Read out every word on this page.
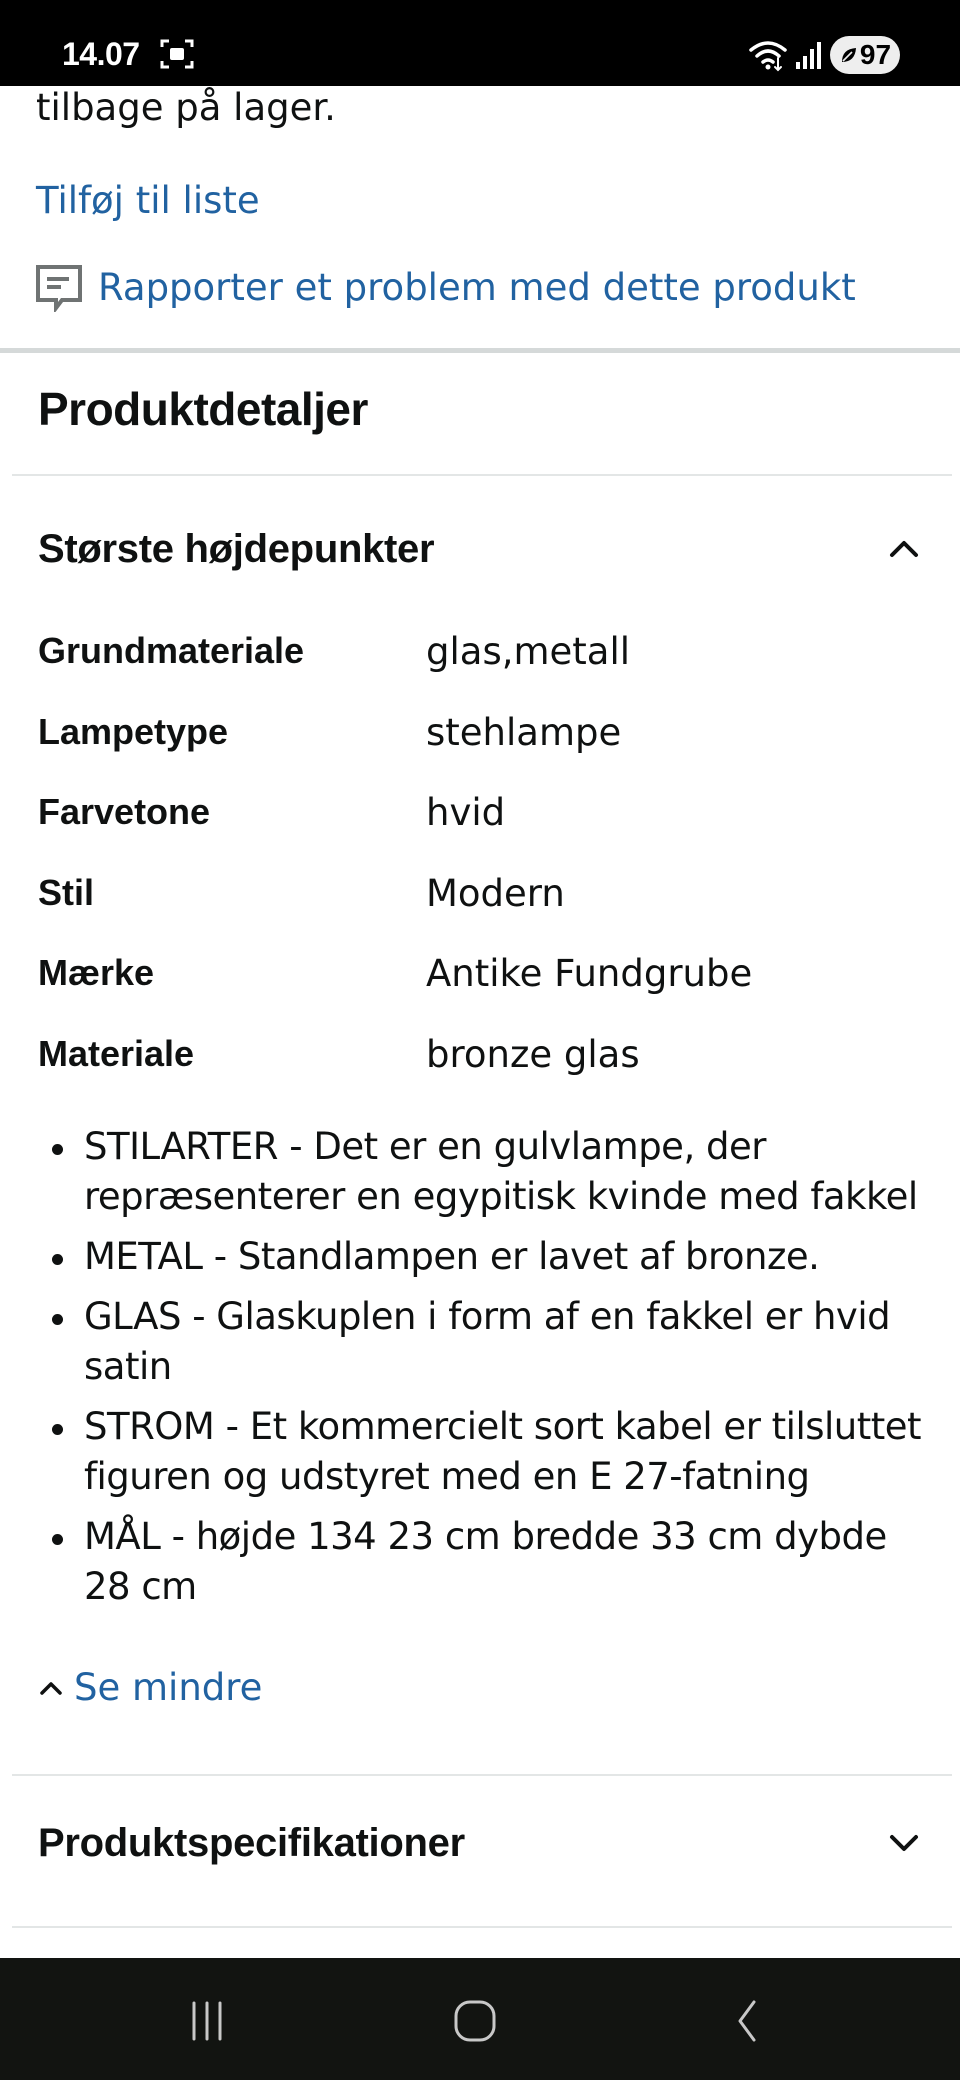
14.07	97
tilbage på lager.
Tilføj til liste
Rapporter et problem med dette produkt
Produktdetaljer
Største højdepunkter
Grundmateriale	glas,metall
Lampetype	stehlampe
Farvetone	hvid
Stil	Modern
Mærke	Antike Fundgrube
Materiale	bronze glas
STILARTER - Det er en gulvlampe, der repræsenterer en egypitisk kvinde med fakkel
METAL - Standlampen er lavet af bronze.
GLAS - Glaskuplen i form af en fakkel er hvid satin
STROM - Et kommercielt sort kabel er tilsluttet figuren og udstyret med en E 27-fatning
MÅL - højde 134 23 cm bredde 33 cm dybde 28 cm
Se mindre
Produktspecifikationer
